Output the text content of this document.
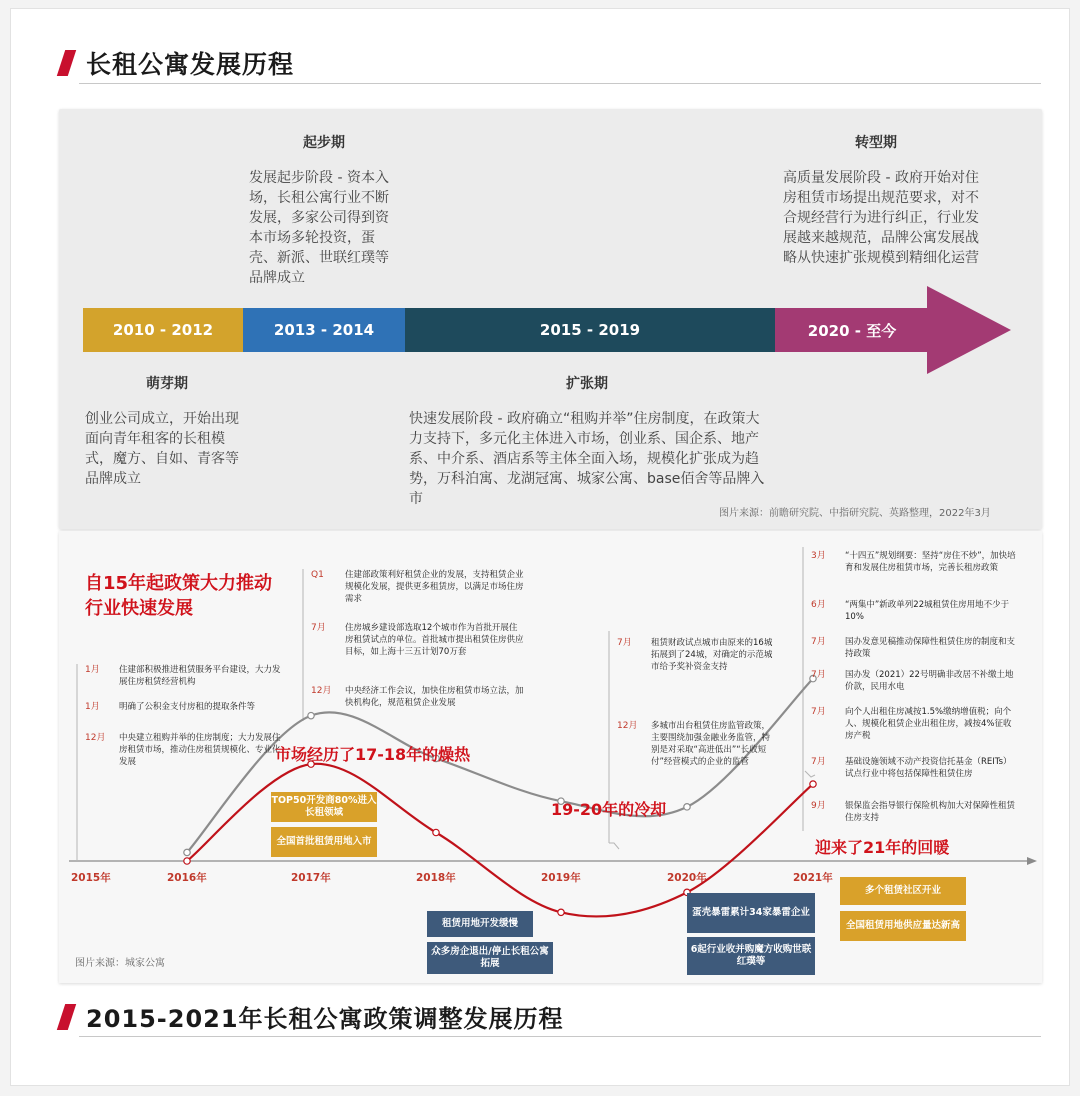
长租公寓发展历程
起步期
发展起步阶段 - 资本入场，长租公寓行业不断发展，多家公司得到资本市场多轮投资，蛋壳、新派、世联红璞等品牌成立
转型期
高质量发展阶段 - 政府开始对住房租赁市场提出规范要求，对不合规经营行为进行纠正，行业发展越来越规范，品牌公寓发展战略从快速扩张规模到精细化运营
2010 - 2012	2013 - 2014	2015 - 2019	2020 - 至今
萌芽期
创业公司成立，开始出现面向青年租客的长租模式，魔方、自如、青客等品牌成立
扩张期
快速发展阶段 - 政府确立“租购并举”住房制度，在政策大力支持下，多元化主体进入市场，创业系、国企系、地产系、中介系、酒店系等主体全面入场，规模化扩张成为趋势，万科泊寓、龙湖冠寓、城家公寓、base佰舍等品牌入市
图片来源：前瞻研究院、中指研究院、英路整理，2022年3月
2015年	2016年	2017年	2018年	2019年	2020年	2021年
自15年起政策大力推动行业快速发展
1月 住建部积极推进租赁服务平台建设，大力发展住房租赁经营机构
1月 明确了公积金支付房租的提取条件等
12月 中央建立租购并举的住房制度；大力发展住房租赁市场，推动住房租赁规模化、专业化发展
Q1 住建部政策利好租赁企业的发展，支持租赁企业规模化发展，提供更多租赁房，以满足市场住房需求
7月 住房城乡建设部选取12个城市作为首批开展住房租赁试点的单位。首批城市提出租赁住房供应目标，如上海十三五计划70万套
12月 中央经济工作会议，加快住房租赁市场立法，加快机构化，规范租赁企业发展
7月 租赁财政试点城市由原来的16城拓展到了24城，对确定的示范城市给予奖补资金支持
12月 多城市出台租赁住房监管政策，主要围绕加强金融业务监管，特别是对采取“高进低出”“长收短付”经营模式的企业的监管
3月 “十四五”规划纲要：坚持“房住不炒”，加快培育和发展住房租赁市场，完善长租房政策
6月 “两集中”新政单列22城租赁住房用地不少于10%
7月 国办发意见稿推动保障性租赁住房的制度和支持政策
7月 国办发（2021）22号明确非改居不补缴土地价款，民用水电
7月 向个人出租住房减按1.5%缴纳增值税；向个人、规模化租赁企业出租住房，减按4%征收房产税
7月 基础设施领域不动产投资信托基金（REITs）试点行业中将包括保障性租赁住房
9月 银保监会指导银行保险机构加大对保障性租赁住房支持
市场经历了17-18年的燥热
19-20年的冷却
迎来了21年的回暖
TOP50开发商80%进入长租领域
全国首批租赁用地入市
多个租赁社区开业
全国租赁用地供应量达新高
租赁用地开发缓慢
众多房企退出/停止长租公寓拓展
蛋壳暴雷累计34家暴雷企业
6起行业收并购魔方收购世联红璞等
图片来源：城家公寓
2015-2021年长租公寓政策调整发展历程
